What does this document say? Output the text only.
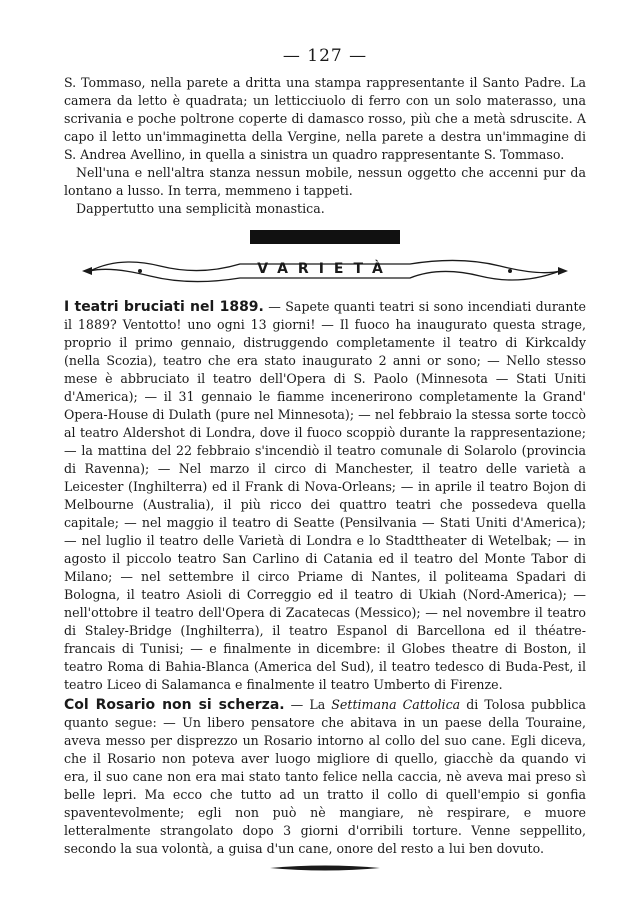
— 127 —

S. Tommaso, nella parete a dritta una stampa rappresentante il Santo Padre. La camera da letto è quadrata; un letticciuolo di ferro con un solo materasso, una scrivania e poche poltrone coperte di damasco rosso, più che a metà sdruscite. A capo il letto un'immaginetta della Vergine, nella parete a destra un'immagine di S. Andrea Avellino, in quella a sinistra un quadro rappresentante S. Tommaso.

Nell'una e nell'altra stanza nessun mobile, nessun oggetto che accenni pur da lontano a lusso. In terra, memmeno i tappeti.

Dappertutto una semplicità monastica.

VARIETÀ

I teatri bruciati nel 1889. — Sapete quanti teatri si sono incendiati durante il 1889? Ventotto! uno ogni 13 giorni! — Il fuoco ha inaugurato questa strage, proprio il primo gennaio, distruggendo completamente il teatro di Kirkcaldy (nella Scozia), teatro che era stato inaugurato 2 anni or sono; — Nello stesso mese è abbruciato il teatro dell'Opera di S. Paolo (Minnesota — Stati Uniti d'America); — il 31 gennaio le fiamme incenerirono completamente la Grand' Opera-House di Dulath (pure nel Minnesota); — nel febbraio la stessa sorte toccò al teatro Aldershot di Londra, dove il fuoco scoppiò durante la rappresentazione; — la mattina del 22 febbraio s'incendiò il teatro comunale di Solarolo (provincia di Ravenna); — Nel marzo il circo di Manchester, il teatro delle varietà a Leicester (Inghilterra) ed il Frank di Nova-Orleans; — in aprile il teatro Bojon di Melbourne (Australia), il più ricco dei quattro teatri che possedeva quella capitale; — nel maggio il teatro di Seatte (Pensilvania — Stati Uniti d'America); — nel luglio il teatro delle Varietà di Londra e lo Stadttheater di Wetelbak; — in agosto il piccolo teatro San Carlino di Catania ed il teatro del Monte Tabor di Milano; — nel settembre il circo Priame di Nantes, il politeama Spadari di Bologna, il teatro Asioli di Correggio ed il teatro di Ukiah (Nord-America); — nell'ottobre il teatro dell'Opera di Zacatecas (Messico); — nel novembre il teatro di Staley-Bridge (Inghilterra), il teatro Espanol di Barcellona ed il théatre-francais di Tunisi; — e finalmente in dicembre: il Globes theatre di Boston, il teatro Roma di Bahia-Blanca (America del Sud), il teatro tedesco di Buda-Pest, il teatro Liceo di Salamanca e finalmente il teatro Umberto di Firenze.

Col Rosario non si scherza. — La Settimana Cattolica di Tolosa pubblica quanto segue: — Un libero pensatore che abitava in un paese della Touraine, aveva messo per disprezzo un Rosario intorno al collo del suo cane. Egli diceva, che il Rosario non poteva aver luogo migliore di quello, giacchè da quando vi era, il suo cane non era mai stato tanto felice nella caccia, nè aveva mai preso sì belle lepri. Ma ecco che tutto ad un tratto il collo di quell'empio si gonfia spaventevolmente; egli non può nè mangiare, nè respirare, e muore letteralmente strangolato dopo 3 giorni d'orribili torture. Venne seppellito, secondo la sua volontà, a guisa d'un cane, onore del resto a lui ben dovuto.
